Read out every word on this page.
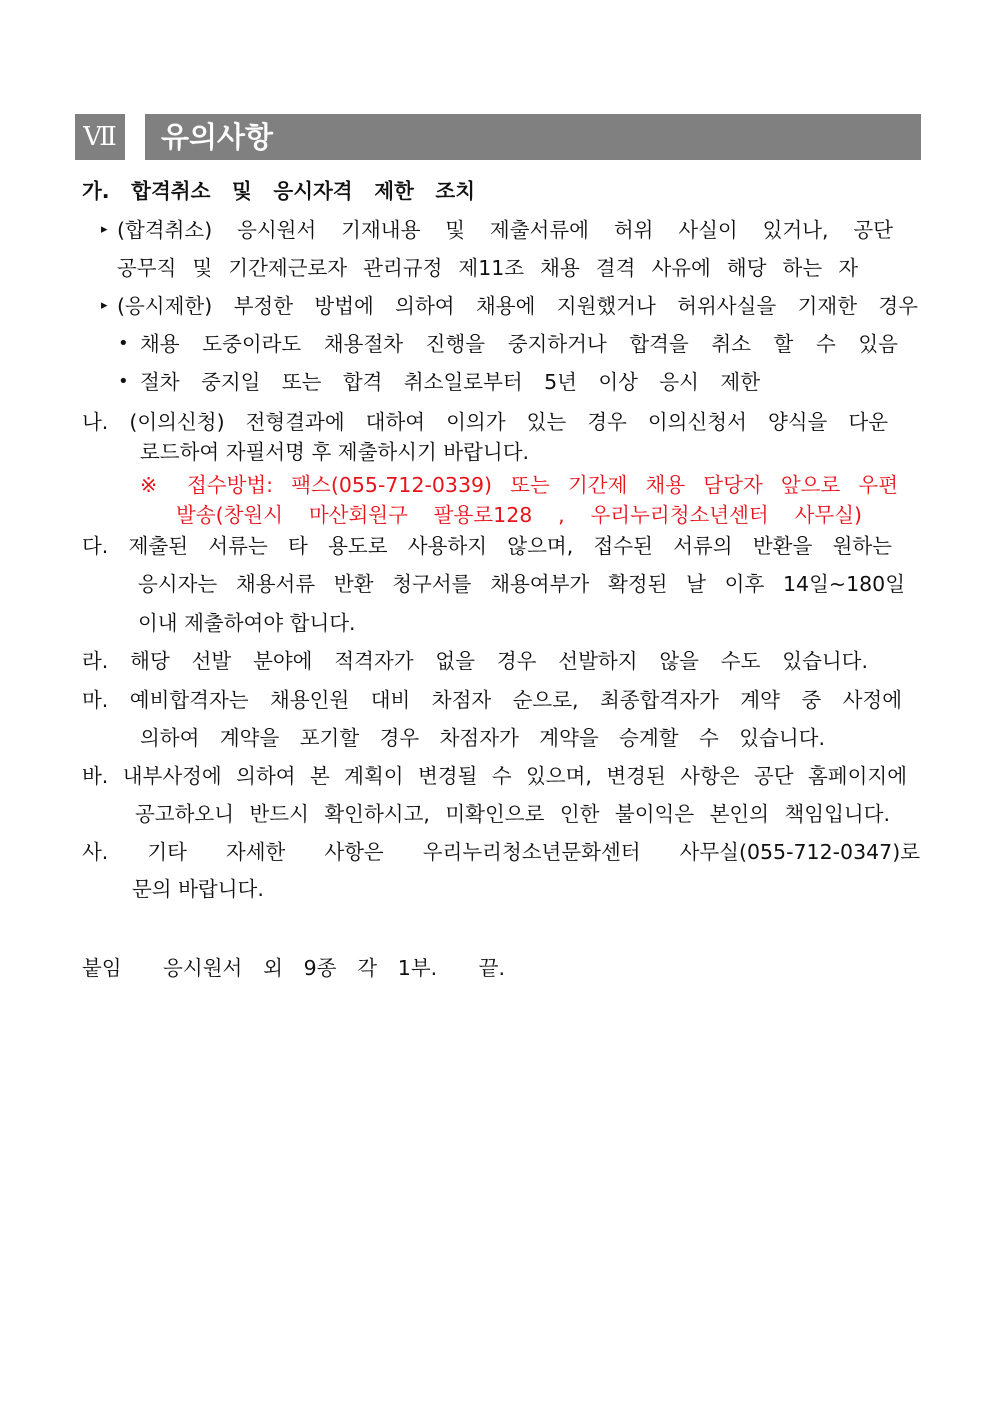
Ⅶ	유의사항
가. 합격취소 및 응시자격 제한 조치
▸ (합격취소) 응시원서 기재내용 및 제출서류에 허위 사실이 있거나, 공단
공무직 및 기간제근로자 관리규정 제11조 채용 결격 사유에 해당 하는 자
▸ (응시제한) 부정한 방법에 의하여 채용에 지원했거나 허위사실을 기재한 경우
• 채용 도중이라도 채용절차 진행을 중지하거나 합격을 취소 할 수 있음
• 절차 중지일 또는 합격 취소일로부터 5년 이상 응시 제한
나. (이의신청) 전형결과에 대하여 이의가 있는 경우 이의신청서 양식을 다운
로드하여 자필서명 후 제출하시기 바랍니다.
※ 접수방법: 팩스(055-712-0339) 또는 기간제 채용 담당자 앞으로 우편
발송(창원시 마산회원구 팔용로128 , 우리누리청소년센터 사무실)
다. 제출된 서류는 타 용도로 사용하지 않으며, 접수된 서류의 반환을 원하는
응시자는 채용서류 반환 청구서를 채용여부가 확정된 날 이후 14일~180일
이내 제출하여야 합니다.
라. 해당 선발 분야에 적격자가 없을 경우 선발하지 않을 수도 있습니다.
마. 예비합격자는 채용인원 대비 차점자 순으로, 최종합격자가 계약 중 사정에
의하여 계약을 포기할 경우 차점자가 계약을 승계할 수 있습니다.
바. 내부사정에 의하여 본 계획이 변경될 수 있으며, 변경된 사항은 공단 홈페이지에
공고하오니 반드시 확인하시고, 미확인으로 인한 불이익은 본인의 책임입니다.
사. 기타 자세한 사항은 우리누리청소년문화센터 사무실(055-712-0347)로
문의 바랍니다.
붙임  응시원서 외 9종 각 1부.  끝.
